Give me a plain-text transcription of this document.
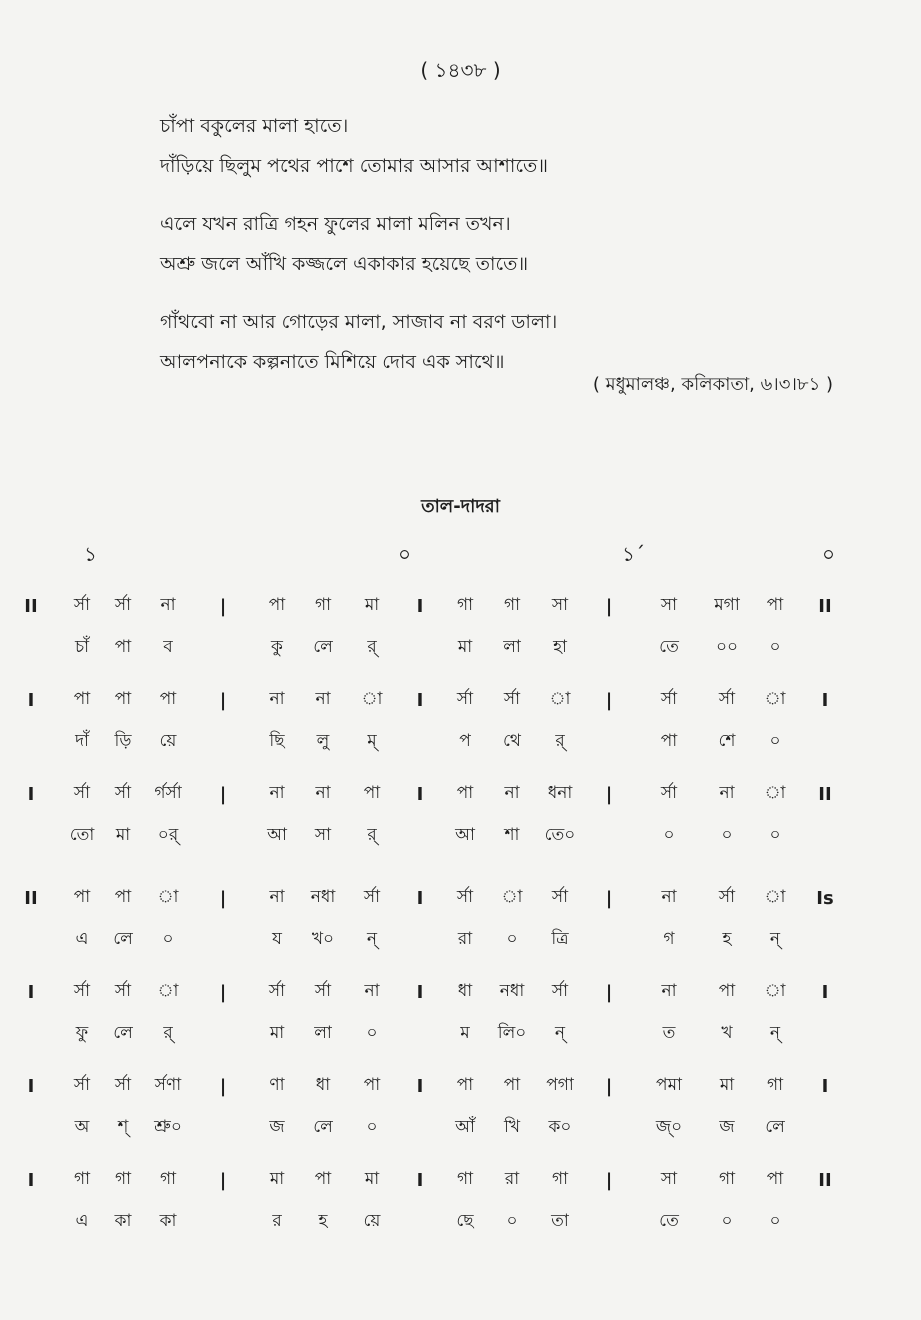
( ১৪৩৮ )
চাঁপা বকুলের মালা হাতে।
দাঁড়িয়ে ছিলুম পথের পাশে তোমার আসার আশাতে॥
এলে যখন রাত্রি গহন ফুলের মালা মলিন তখন।
অশ্রু জলে আঁখি কজ্জলে একাকার হয়েছে তাতে॥
গাঁথবো না আর গোড়ের মালা, সাজাব না বরণ ডালা।
আলপনাকে কল্পনাতে মিশিয়ে দোব এক সাথে॥
( মধুমালঞ্চ, কলিকাতা, ৬।৩।৮১ )
তাল-দাদরা
১	০	১´	০
II	র্সা	র্সা	না	|	পা	গা	মা	I	গা	গা	সা	|	সা	মগা	পা	II
চাঁ	পা	ব	কু	লে	র্	মা	লা	হা	তে	০০	০
I	পা	পা	পা	|	না	না	া	I	র্সা	র্সা	া	|	র্সা	র্সা	া	I
দাঁ	ড়ি	য়ে	ছি	লু	ম্	প	থে	র্	পা	শে	০
I	র্সা	র্সা	র্গর্সা	|	না	না	পা	I	পা	না	ধনা	|	র্সা	না	া	II
তো	মা	০র্	আ	সা	র্	আ	শা	তে০	০	০	০
II	পা	পা	া	|	না	নধা	র্সা	I	র্সা	া	র্সা	|	না	র্সা	া	Is
এ	লে	০	য	খ০	ন্	রা	০	ত্রি	গ	হ	ন্
I	র্সা	র্সা	া	|	র্সা	র্সা	না	I	ধা	নধা	র্সা	|	না	পা	া	I
ফু	লে	র্	মা	লা	০	ম	লি০	ন্	ত	খ	ন্
I	র্সা	র্সা	র্সণা	|	ণা	ধা	পা	I	পা	পা	পগা	|	পমা	মা	গা	I
অ	শ্	শ্রু০	জ	লে	০	আঁ	খি	ক০	জ্০	জ	লে
I	গা	গা	গা	|	মা	পা	মা	I	গা	রা	গা	|	সা	গা	পা	II
এ	কা	কা	র	হ	য়ে	ছে	০	তা	তে	০	০
